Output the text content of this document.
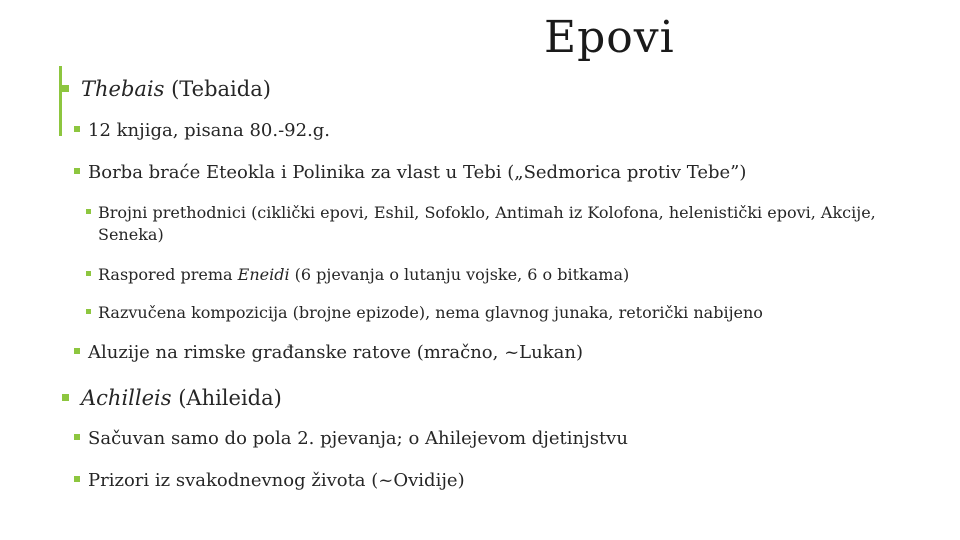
Epovi
Thebais (Tebaida)
12 knjiga, pisana 80.-92.g.
Borba braće Eteokla i Polinika za vlast u Tebi („Sedmorica protiv Tebe”)
Brojni prethodnici (ciklički epovi, Eshil, Sofoklo, Antimah iz Kolofona, helenistički epovi, Akcije, Seneka)
Raspored prema Eneidi (6 pjevanja o lutanju vojske, 6 o bitkama)
Razvučena kompozicija (brojne epizode), nema glavnog junaka, retorički nabijeno
Aluzije na rimske građanske ratove (mračno, ~Lukan)
Achilleis (Ahileida)
Sačuvan samo do pola 2. pjevanja; o Ahilejevom djetinjstvu
Prizori iz svakodnevnog života (~Ovidije)
